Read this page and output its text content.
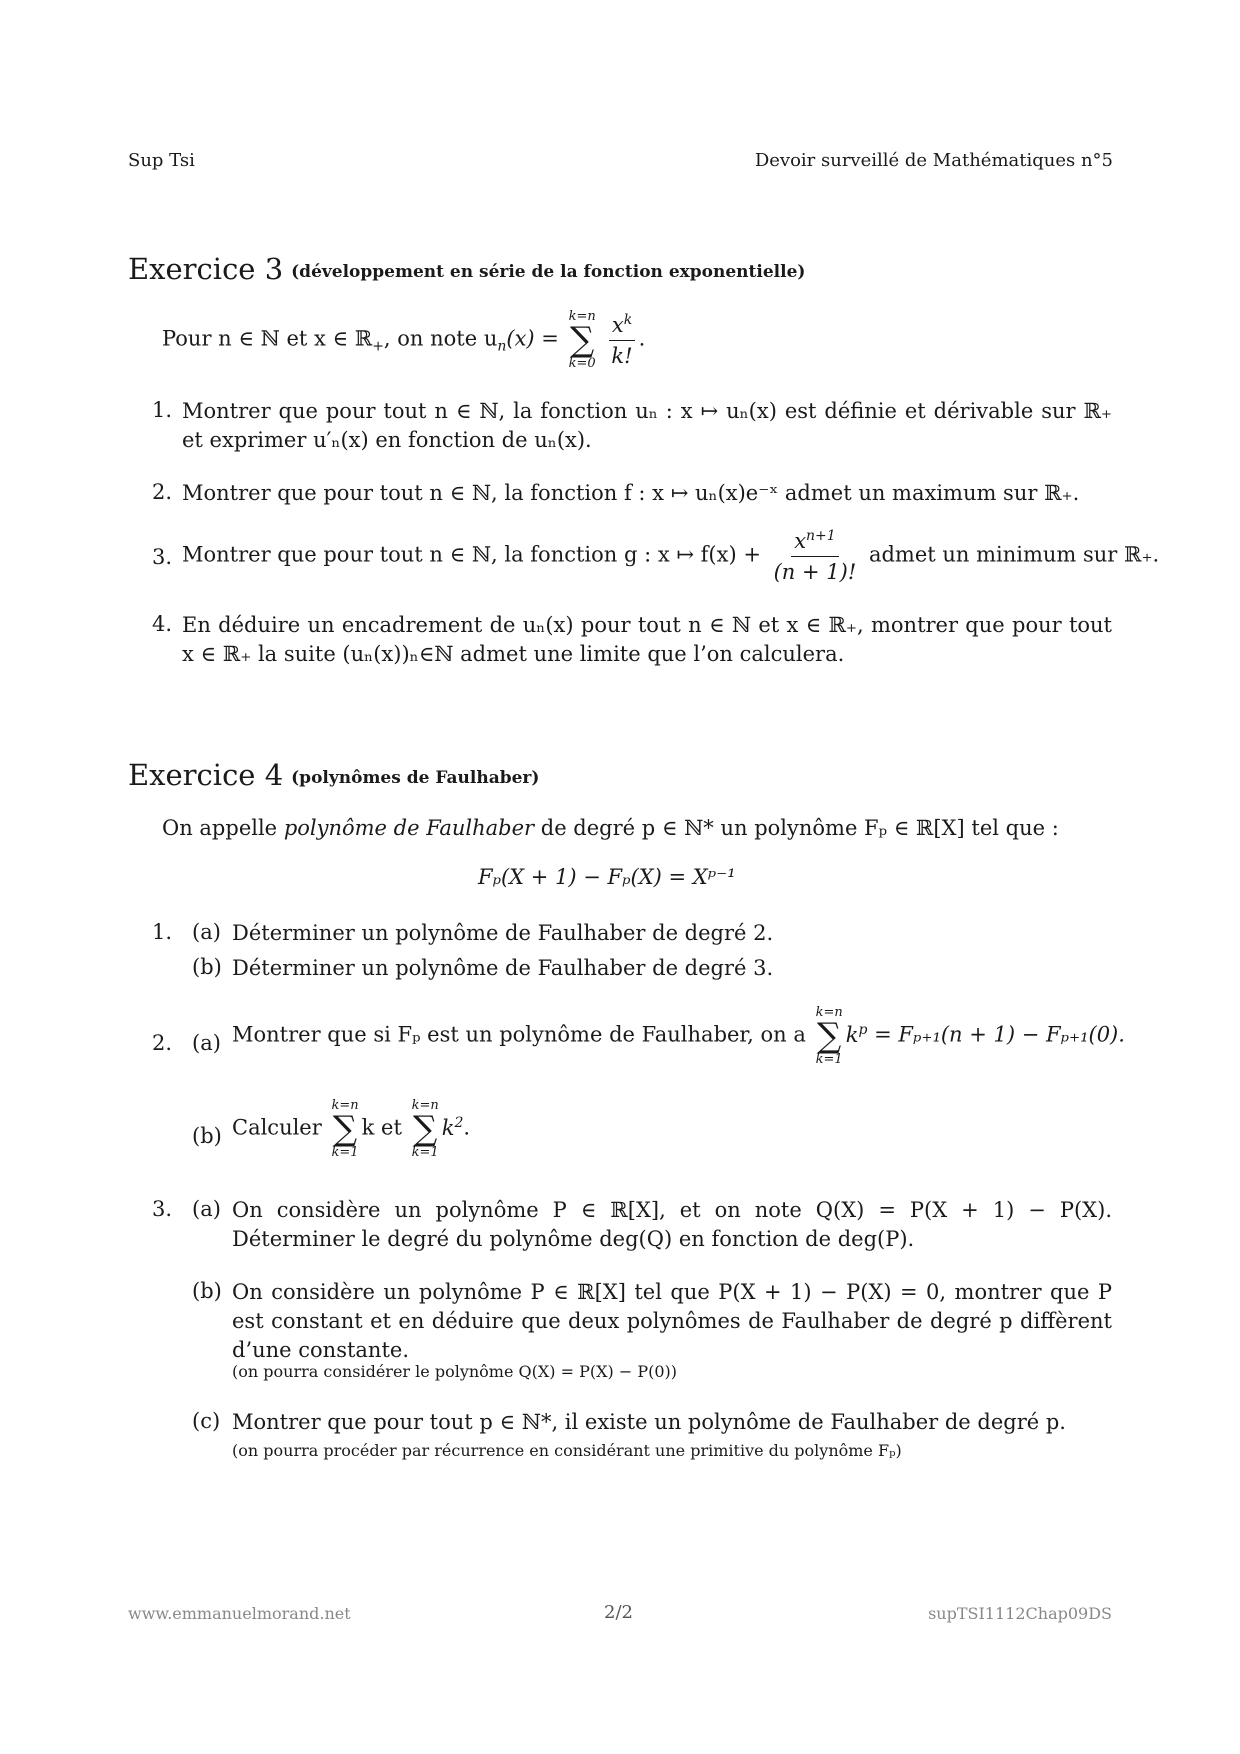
Sup Tsi	Devoir surveillé de Mathématiques n°5
Exercice 3 (développement en série de la fonction exponentielle)
Pour n ∈ ℕ et x ∈ ℝ$_+$, on note $u_n(x)$ =
k=n
∑
k=0
$\frac{x^k}{k!}$ .
1. Montrer que pour tout n ∈ ℕ, la fonction uₙ : x ↦ uₙ(x) est définie et dérivable sur ℝ₊ et exprimer u′ₙ(x) en fonction de uₙ(x).
2. Montrer que pour tout n ∈ ℕ, la fonction f : x ↦ uₙ(x)e⁻ˣ admet un maximum sur ℝ₊.
3. Montrer que pour tout n ∈ ℕ, la fonction g : x ↦ $f(x) + \frac{x^{n+1}}{(n + 1)!}$ admet un minimum sur ℝ₊.
4. En déduire un encadrement de uₙ(x) pour tout n ∈ ℕ et x ∈ ℝ₊, montrer que pour tout x ∈ ℝ₊ la suite (uₙ(x))ₙ∈ℕ admet une limite que l’on calculera.
Exercice 4 (polynômes de Faulhaber)
On appelle polynôme de Faulhaber de degré p ∈ ℕ* un polynôme Fₚ ∈ ℝ[X] tel que :
Fₚ(X + 1) − Fₚ(X) = Xᵖ⁻¹
1. (a) Déterminer un polynôme de Faulhaber de degré 2.
(b) Déterminer un polynôme de Faulhaber de degré 3.
2. (a) Montrer que si Fₚ est un polynôme de Faulhaber, on a
k=n
∑
k=1
$k^p = F_{p+1}(n + 1) - F_{p+1}(0)$.
(b) Calculer
k=n
∑
k=1
k et
k=n
∑
k=1
$k^2$.
3. (a) On considère un polynôme P ∈ ℝ[X], et on note Q(X) = P(X + 1) − P(X). Déterminer le degré du polynôme deg(Q) en fonction de deg(P).
(b) On considère un polynôme P ∈ ℝ[X] tel que P(X + 1) − P(X) = 0, montrer que P est constant et en déduire que deux polynômes de Faulhaber de degré p diffèrent d’une constante.
(on pourra considérer le polynôme Q(X) = P(X) − P(0))
(c) Montrer que pour tout p ∈ ℕ*, il existe un polynôme de Faulhaber de degré p.
(on pourra procéder par récurrence en considérant une primitive du polynôme Fₚ)
www.emmanuelmorand.net	2/2	supTSI1112Chap09DS
